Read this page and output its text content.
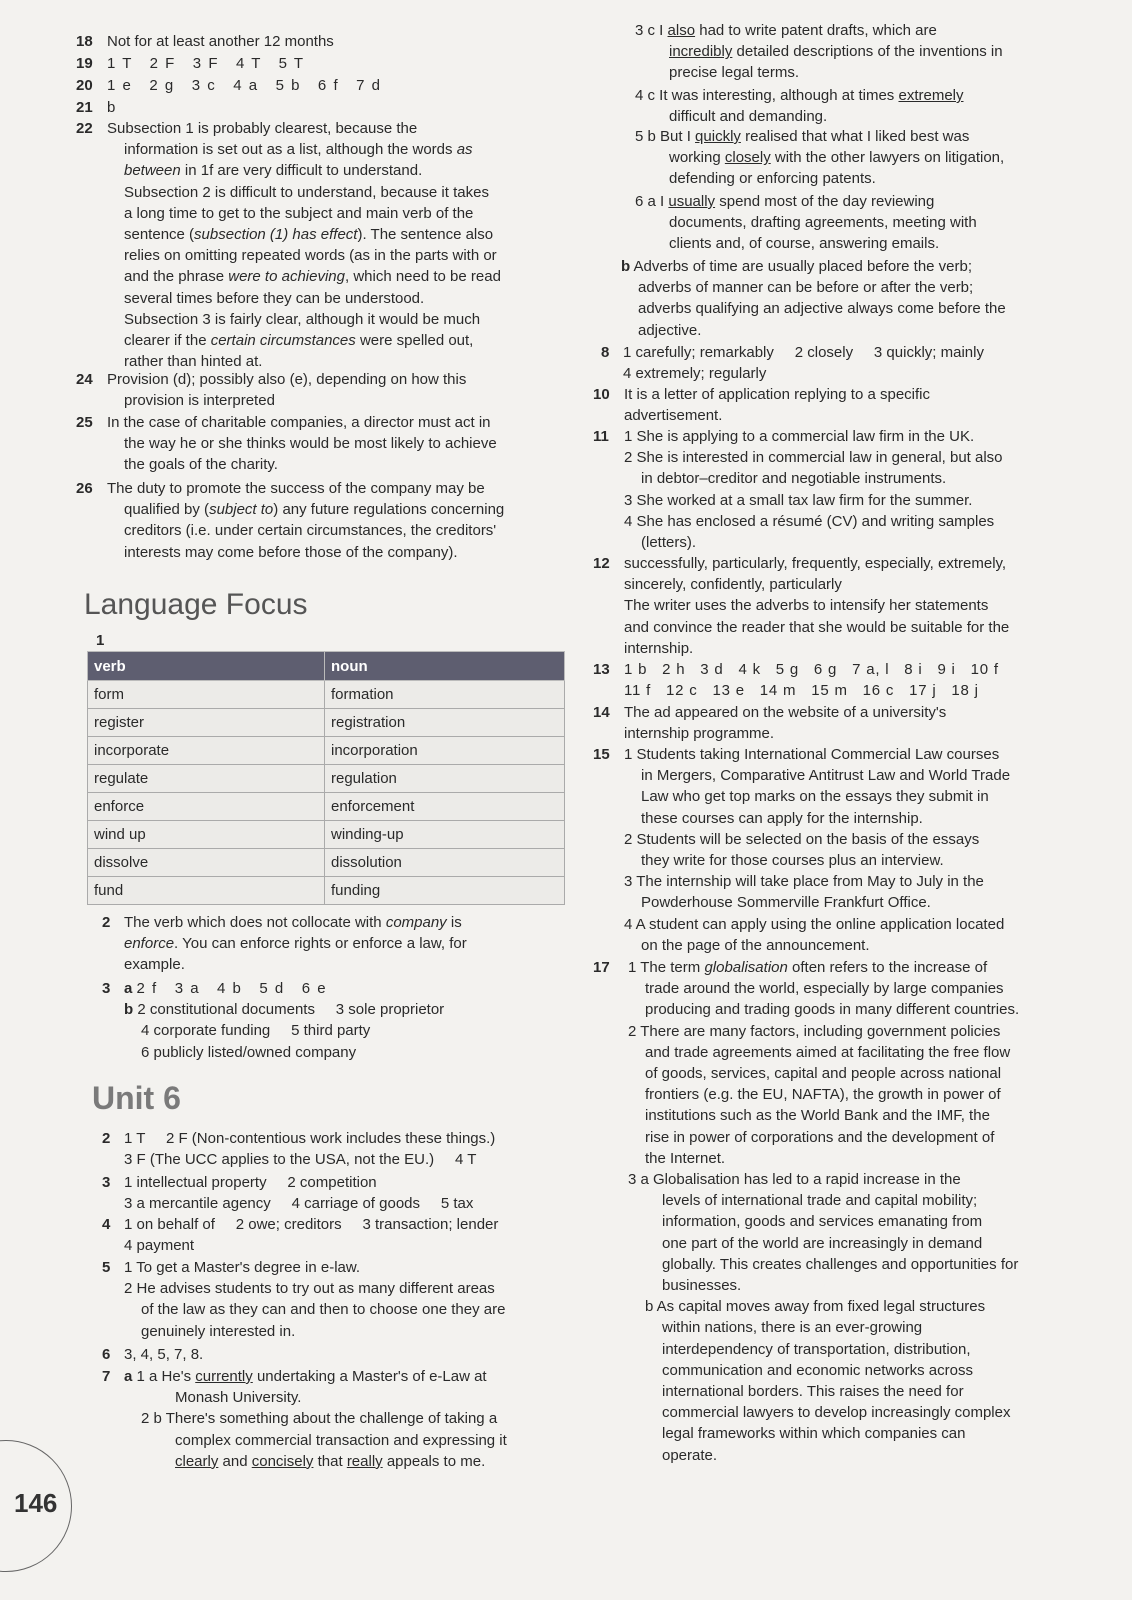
146
18 Not for at least another 12 months
19 1 T   2 F   3 F   4 T   5 T
20 1 e   2 g   3 c   4 a   5 b   6 f   7 d
21 b
22 Subsection 1 is probably clearest, because the
information is set out as a list, although the words as
between in 1f are very difficult to understand.
Subsection 2 is difficult to understand, because it takes
a long time to get to the subject and main verb of the
sentence (subsection (1) has effect). The sentence also
relies on omitting repeated words (as in the parts with or
and the phrase were to achieving, which need to be read
several times before they can be understood.
Subsection 3 is fairly clear, although it would be much
clearer if the certain circumstances were spelled out,
rather than hinted at.
24 Provision (d); possibly also (e), depending on how this
provision is interpreted
25 In the case of charitable companies, a director must act in
the way he or she thinks would be most likely to achieve
the goals of the charity.
26 The duty to promote the success of the company may be
qualified by (subject to) any future regulations concerning
creditors (i.e. under certain circumstances, the creditors'
interests may come before those of the company).
Language Focus
1
verb	noun
form	formation
register	registration
incorporate	incorporation
regulate	regulation
enforce	enforcement
wind up	winding-up
dissolve	dissolution
fund	funding
2 The verb which does not collocate with company is
enforce. You can enforce rights or enforce a law, for
example.
3 a 2 f   3 a   4 b   5 d   6 e
b 2 constitutional documents     3 sole proprietor
4 corporate funding     5 third party
6 publicly listed/owned company
Unit 6
2 1 T     2 F (Non-contentious work includes these things.)
3 F (The UCC applies to the USA, not the EU.)     4 T
3 1 intellectual property     2 competition
3 a mercantile agency     4 carriage of goods     5 tax
4 1 on behalf of     2 owe; creditors     3 transaction; lender
4 payment
5 1 To get a Master's degree in e-law.
2 He advises students to try out as many different areas
of the law as they can and then to choose one they are
genuinely interested in.
6 3, 4, 5, 7, 8.
7 a 1 a He's currently undertaking a Master's of e-Law at
Monash University.
2 b There's something about the challenge of taking a
complex commercial transaction and expressing it
clearly and concisely that really appeals to me.
3 c I also had to write patent drafts, which are
incredibly detailed descriptions of the inventions in
precise legal terms.
4 c It was interesting, although at times extremely
difficult and demanding.
5 b But I quickly realised that what I liked best was
working closely with the other lawyers on litigation,
defending or enforcing patents.
6 a I usually spend most of the day reviewing
documents, drafting agreements, meeting with
clients and, of course, answering emails.
b Adverbs of time are usually placed before the verb;
adverbs of manner can be before or after the verb;
adverbs qualifying an adjective always come before the
adjective.
8 1 carefully; remarkably     2 closely     3 quickly; mainly
4 extremely; regularly
10 It is a letter of application replying to a specific
advertisement.
11	1 She is applying to a commercial law firm in the UK.
2 She is interested in commercial law in general, but also
in debtor–creditor and negotiable instruments.
3 She worked at a small tax law firm for the summer.
4 She has enclosed a résumé (CV) and writing samples
(letters).
12 successfully, particularly, frequently, especially, extremely,
sincerely, confidently, particularly
The writer uses the adverbs to intensify her statements
and convince the reader that she would be suitable for the
internship.
13 1 b   2 h   3 d   4 k   5 g   6 g   7 a, l   8 i   9 i   10 f
11 f   12 c   13 e   14 m   15 m   16 c   17 j   18 j
14 The ad appeared on the website of a university's
internship programme.
15 1 Students taking International Commercial Law courses
in Mergers, Comparative Antitrust Law and World Trade
Law who get top marks on the essays they submit in
these courses can apply for the internship.
2 Students will be selected on the basis of the essays
they write for those courses plus an interview.
3 The internship will take place from May to July in the
Powderhouse Sommerville Frankfurt Office.
4 A student can apply using the online application located
on the page of the announcement.
17	1 The term globalisation often refers to the increase of
trade around the world, especially by large companies
producing and trading goods in many different countries.
2 There are many factors, including government policies
and trade agreements aimed at facilitating the free flow
of goods, services, capital and people across national
frontiers (e.g. the EU, NAFTA), the growth in power of
institutions such as the World Bank and the IMF, the
rise in power of corporations and the development of
the Internet.
3 a Globalisation has led to a rapid increase in the
levels of international trade and capital mobility;
information, goods and services emanating from
one part of the world are increasingly in demand
globally. This creates challenges and opportunities for
businesses.
b As capital moves away from fixed legal structures
within nations, there is an ever-growing
interdependency of transportation, distribution,
communication and economic networks across
international borders. This raises the need for
commercial lawyers to develop increasingly complex
legal frameworks within which companies can
operate.
